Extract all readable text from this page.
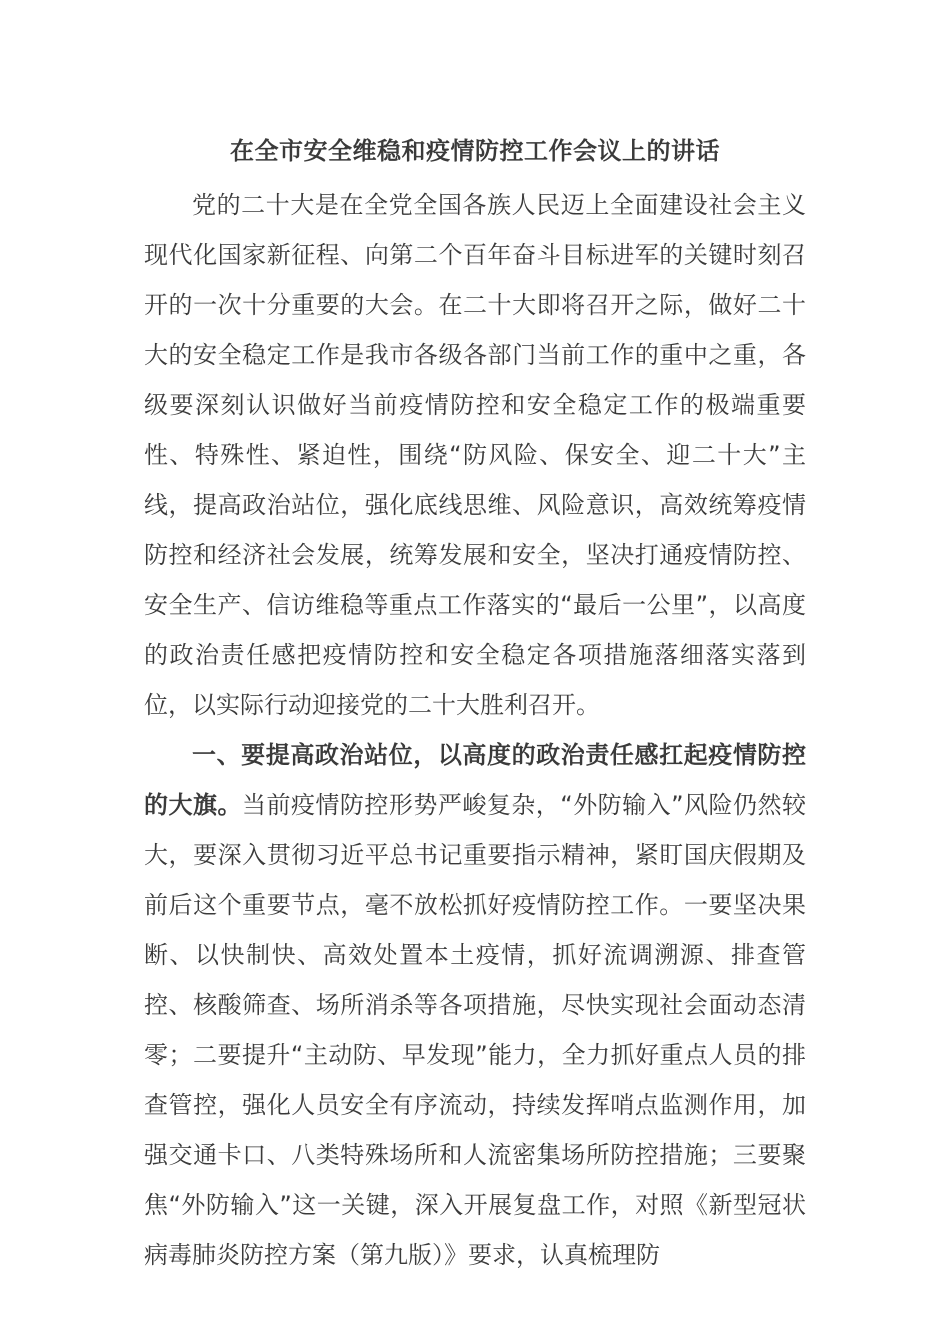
在全市安全维稳和疫情防控工作会议上的讲话

党的二十大是在全党全国各族人民迈上全面建设社会主义现代化国家新征程、向第二个百年奋斗目标进军的关键时刻召开的一次十分重要的大会。在二十大即将召开之际，做好二十大的安全稳定工作是我市各级各部门当前工作的重中之重，各级要深刻认识做好当前疫情防控和安全稳定工作的极端重要性、特殊性、紧迫性，围绕“防风险、保安全、迎二十大”主线，提高政治站位，强化底线思维、风险意识，高效统筹疫情防控和经济社会发展，统筹发展和安全，坚决打通疫情防控、安全生产、信访维稳等重点工作落实的“最后一公里”，以高度的政治责任感把疫情防控和安全稳定各项措施落细落实落到位，以实际行动迎接党的二十大胜利召开。

一、要提高政治站位，以高度的政治责任感扛起疫情防控的大旗。当前疫情防控形势严峻复杂，“外防输入”风险仍然较大，要深入贯彻习近平总书记重要指示精神，紧盯国庆假期及前后这个重要节点，毫不放松抓好疫情防控工作。一要坚决果断、以快制快、高效处置本土疫情，抓好流调溯源、排查管控、核酸筛查、场所消杀等各项措施，尽快实现社会面动态清零；二要提升“主动防、早发现”能力，全力抓好重点人员的排查管控，强化人员安全有序流动，持续发挥哨点监测作用，加强交通卡口、八类特殊场所和人流密集场所防控措施；三要聚焦“外防输入”这一关键，深入开展复盘工作，对照《新型冠状病毒肺炎防控方案（第九版）》要求，认真梳理防
